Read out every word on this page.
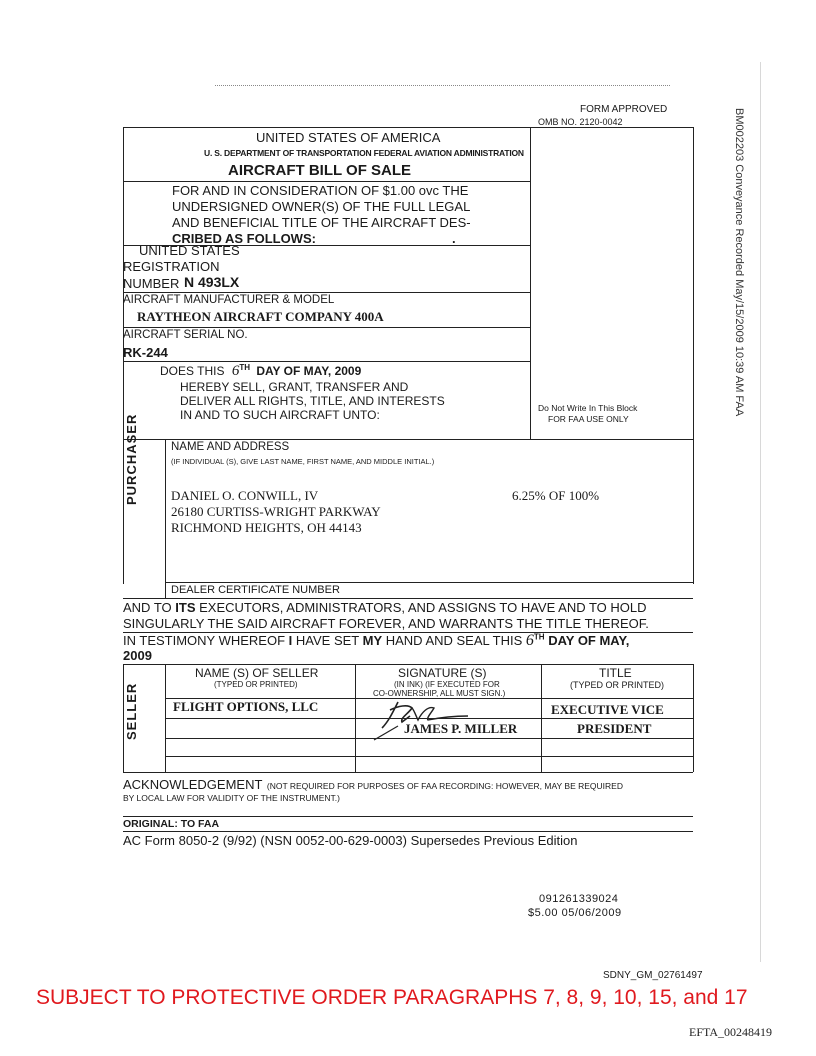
FORM APPROVED
OMB NO. 2120-0042	BM002203 Conveyance Recorded May/15/2009 10:39 AM FAA
UNITED STATES OF AMERICA
U. S. DEPARTMENT OF TRANSPORTATION FEDERAL AVIATION ADMINISTRATION
AIRCRAFT BILL OF SALE
FOR AND IN CONSIDERATION OF $1.00 ovc THE
UNDERSIGNED OWNER(S) OF THE FULL LEGAL
AND BENEFICIAL TITLE OF THE AIRCRAFT DES-
CRIBED AS FOLLOWS:	.
UNITED STATES
REGISTRATION
NUMBER N 493LX
AIRCRAFT MANUFACTURER & MODEL
RAYTHEON AIRCRAFT COMPANY 400A
AIRCRAFT SERIAL NO.
RK-244
DOES THIS 6TH DAY OF MAY, 2009
HEREBY SELL, GRANT, TRANSFER AND
DELIVER ALL RIGHTS, TITLE, AND INTERESTS
IN AND TO SUCH AIRCRAFT UNTO:	Do Not Write In This Block
FOR FAA USE ONLY
PURCHASER	NAME AND ADDRESS
(IF INDIVIDUAL (S), GIVE LAST NAME, FIRST NAME, AND MIDDLE INITIAL.)
DANIEL O. CONWILL, IV
26180 CURTISS-WRIGHT PARKWAY
RICHMOND HEIGHTS, OH 44143
6.25% OF 100%
DEALER CERTIFICATE NUMBER
AND TO ITS EXECUTORS, ADMINISTRATORS, AND ASSIGNS TO HAVE AND TO HOLD
SINGULARLY THE SAID AIRCRAFT FOREVER, AND WARRANTS THE TITLE THEREOF.
IN TESTIMONY WHEREOF I HAVE SET MY HAND AND SEAL THIS 6TH DAY OF MAY,
2009
SELLER
NAME (S) OF SELLER
(TYPED OR PRINTED)
SIGNATURE (S)
(IN INK) (IF EXECUTED FOR
CO-OWNERSHIP, ALL MUST SIGN.)
TITLE
(TYPED OR PRINTED)
FLIGHT OPTIONS, LLC	EXECUTIVE VICE
JAMES P. MILLER	PRESIDENT
ACKNOWLEDGEMENT (NOT REQUIRED FOR PURPOSES OF FAA RECORDING: HOWEVER, MAY BE REQUIRED
BY LOCAL LAW FOR VALIDITY OF THE INSTRUMENT.)
ORIGINAL: TO FAA
AC Form 8050-2 (9/92) (NSN 0052-00-629-0003) Supersedes Previous Edition
091261339024
$5.00 05/06/2009
SDNY_GM_02761497
SUBJECT TO PROTECTIVE ORDER PARAGRAPHS 7, 8, 9, 10, 15, and 17
EFTA_00248419
